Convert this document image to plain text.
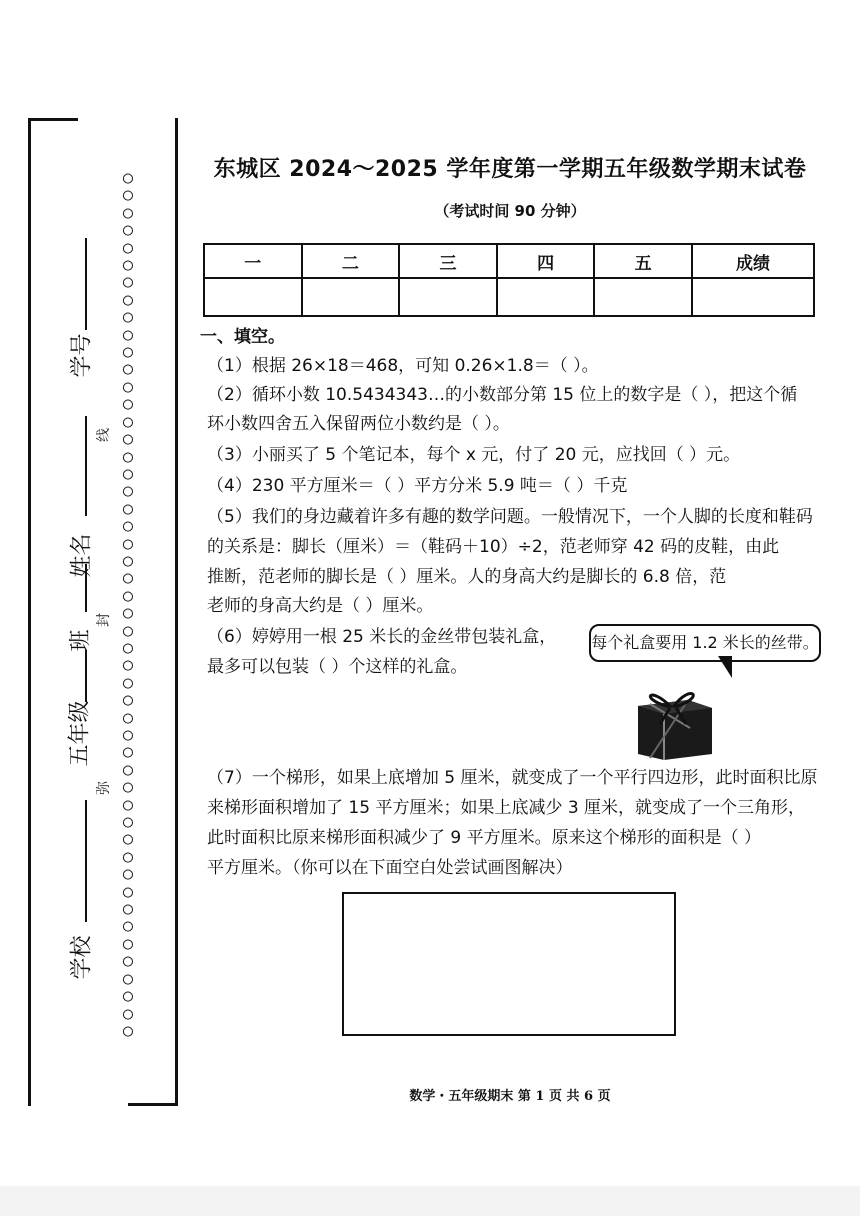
○○○○○○○○○○○○○○○○○○○○○○○○○○○○○○○○○○○○○○○○○○○○○○○○○○
线
封
弥
学校
五年级
班
姓名
学号
东城区 2024～2025 学年度第一学期五年级数学期末试卷
（考试时间 90 分钟）
一	二	三	四	五	成绩

一、填空。
（1）根据 26×18＝468，可知 0.26×1.8＝（ ）。
（2）循环小数 10.5434343…的小数部分第 15 位上的数字是（ ），把这个循
环小数四舍五入保留两位小数约是（ ）。
（3）小丽买了 5 个笔记本，每个 x 元，付了 20 元，应找回（ ）元。
（4）230 平方厘米＝（ ）平方分米 5.9 吨＝（ ）千克
（5）我们的身边藏着许多有趣的数学问题。一般情况下，一个人脚的长度和鞋码
的关系是：脚长（厘米）＝（鞋码＋10）÷2，范老师穿 42 码的皮鞋，由此
推断，范老师的脚长是（ ）厘米。人的身高大约是脚长的 6.8 倍，范
老师的身高大约是（ ）厘米。
（6）婷婷用一根 25 米长的金丝带包装礼盒，
最多可以包装（ ）个这样的礼盒。
每个礼盒要用 1.2 米长的丝带。
（7）一个梯形，如果上底增加 5 厘米，就变成了一个平行四边形，此时面积比原
来梯形面积增加了 15 平方厘米；如果上底减少 3 厘米，就变成了一个三角形，
此时面积比原来梯形面积减少了 9 平方厘米。原来这个梯形的面积是（ ）
平方厘米。（你可以在下面空白处尝试画图解决）
数学・五年级期末 第 1 页 共 6 页
